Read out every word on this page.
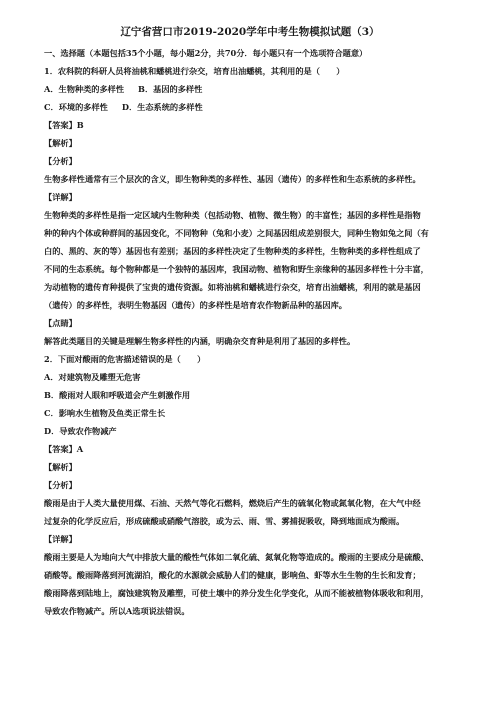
辽宁省营口市2019-2020学年中考生物模拟试题（3）
一、选择题（本题包括35个小题，每小题2分，共70分．每小题只有一个选项符合题意）
1．农科院的科研人员将油桃和蟠桃进行杂交，培育出油蟠桃，其利用的是（　　）
A．生物种类的多样性 B．基因的多样性
C．环境的多样性 D．生态系统的多样性
【答案】B
【解析】
【分析】
生物多样性通常有三个层次的含义，即生物种类的多样性、基因（遗传）的多样性和生态系统的多样性。
【详解】
生物种类的多样性是指一定区域内生物种类（包括动物、植物、微生物）的丰富性；基因的多样性是指物
种的种内个体或种群间的基因变化，不同物种（兔和小麦）之间基因组成差别很大，同种生物如兔之间（有
白的、黑的、灰的等）基因也有差别；基因的多样性决定了生物种类的多样性，生物种类的多样性组成了
不同的生态系统。每个物种都是一个独特的基因库，我国动物、植物和野生亲缘种的基因多样性十分丰富，
为动植物的遗传育种提供了宝贵的遗传资源。如将油桃和蟠桃进行杂交，培育出油蟠桃，利用的就是基因
（遗传）的多样性，表明生物基因（遗传）的多样性是培育农作物新品种的基因库。
【点睛】
解答此类题目的关键是理解生物多样性的内涵，明确杂交育种是利用了基因的多样性。
2．下面对酸雨的危害描述错误的是（　　）
A．对建筑物及雕塑无危害
B．酸雨对人眼和呼吸道会产生刺激作用
C．影响水生植物及鱼类正常生长
D．导致农作物减产
【答案】A
【解析】
【分析】
酸雨是由于人类大量使用煤、石油、天然气等化石燃料，燃烧后产生的硫氧化物或氮氧化物，在大气中经
过复杂的化学反应后，形成硫酸或硝酸气溶胶，或为云、雨、雪、雾捕捉吸收，降到地面成为酸雨。
【详解】
酸雨主要是人为地向大气中排放大量的酸性气体如二氧化硫、氮氧化物等造成的。酸雨的主要成分是硫酸、
硝酸等。酸雨降落到河流湖泊，酸化的水源就会威胁人们的健康，影响鱼、虾等水生生物的生长和发育；
酸雨降落到陆地上，腐蚀建筑物及雕塑，可使土壤中的养分发生化学变化，从而不能被植物体吸收和利用，
导致农作物减产。所以A选项说法错误。
